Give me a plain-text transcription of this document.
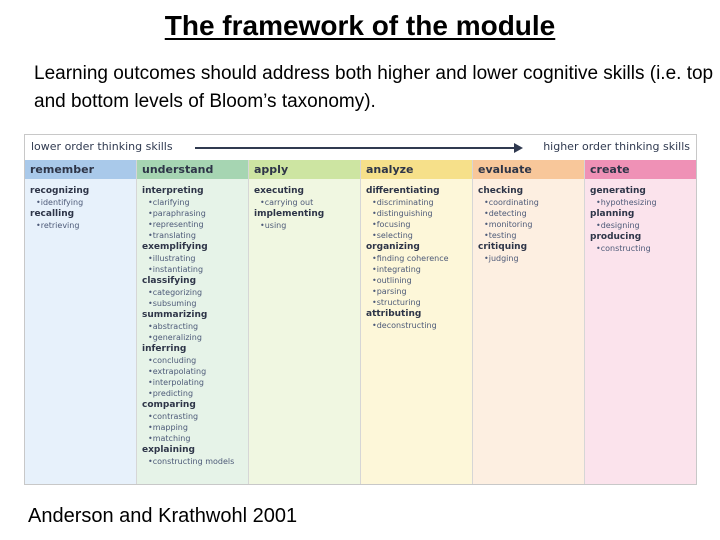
The framework of the module
Learning outcomes should address both higher and lower cognitive skills (i.e. top and bottom levels of Bloom’s taxonomy).
lower order thinking skills	higher order thinking skills
remember
recognizing
• identifying
recalling
• retrieving
understand
interpreting
• clarifying
• paraphrasing
• representing
• translating
exemplifying
• illustrating
• instantiating
classifying
• categorizing
• subsuming
summarizing
• abstracting
• generalizing
inferring
• concluding
• extrapolating
• interpolating
• predicting
comparing
• contrasting
• mapping
• matching
explaining
• constructing models
apply
executing
• carrying out
implementing
• using
analyze
differentiating
• discriminating
• distinguishing
• focusing
• selecting
organizing
• finding coherence
• integrating
• outlining
• parsing
• structuring
attributing
• deconstructing
evaluate
checking
• coordinating
• detecting
• monitoring
• testing
critiquing
• judging
create
generating
• hypothesizing
planning
• designing
producing
• constructing
Anderson and Krathwohl 2001
